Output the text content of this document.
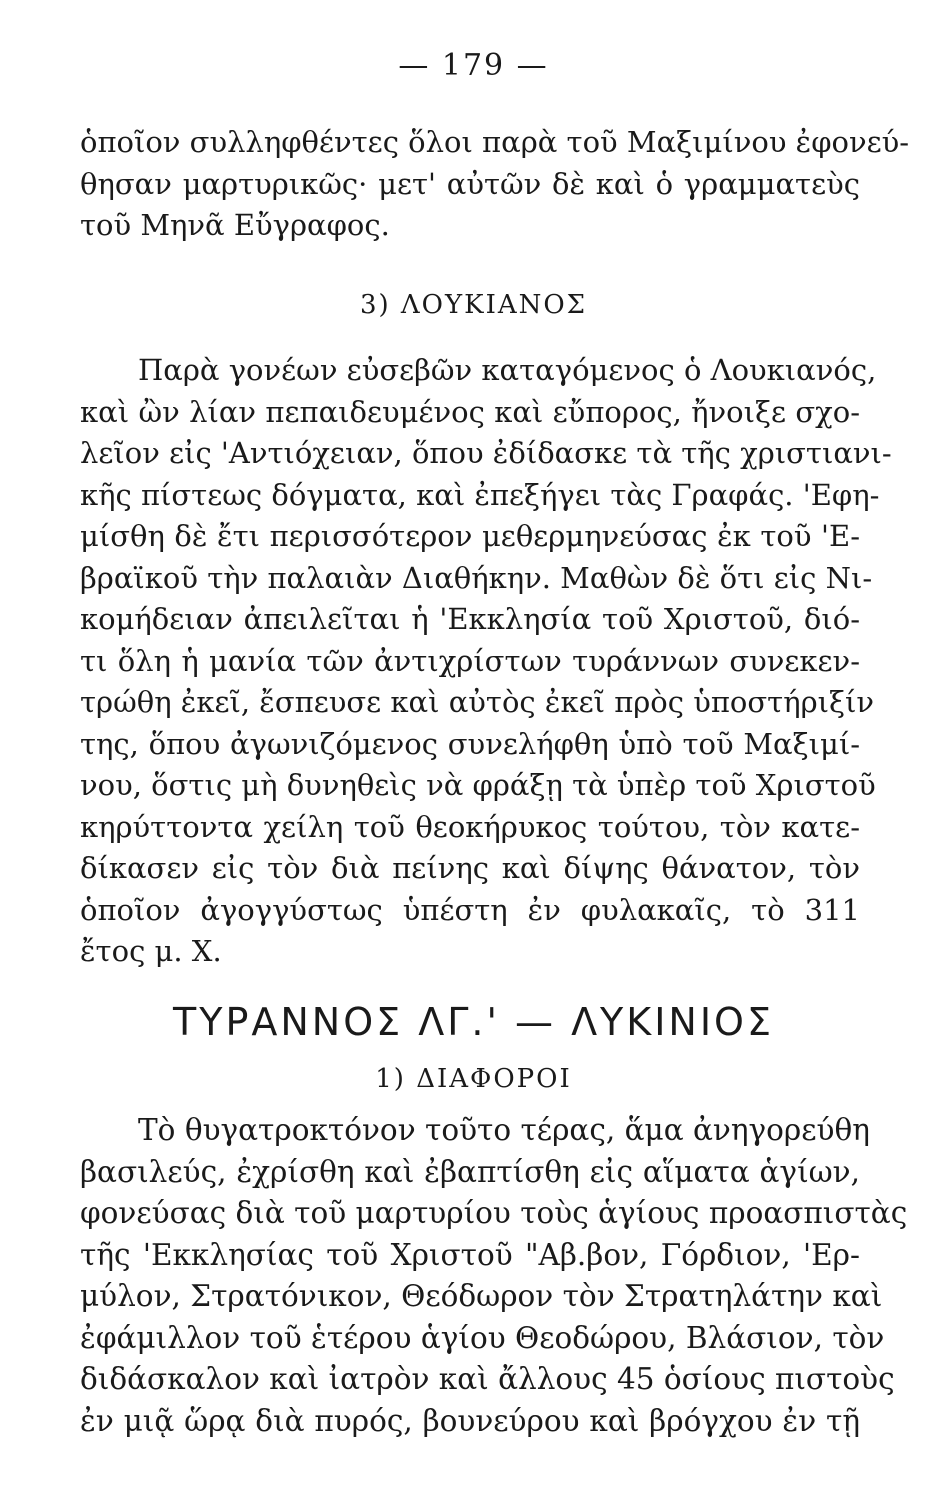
— 179 —
ὁποῖον συλληφθέντες ὅλοι παρὰ τοῦ Μαξιμίνου ἐφονεύ-
θησαν μαρτυρικῶς· μετ' αὐτῶν δὲ καὶ ὁ γραμματεὺς
τοῦ Μηνᾶ Εὔγραφος.
3) ΛΟΥΚΙΑΝΟΣ
Παρὰ γονέων εὐσεβῶν καταγόμενος ὁ Λουκιανός,
καὶ ὢν λίαν πεπαιδευμένος καὶ εὔπορος, ἤνοιξε σχο-
λεῖον εἰς 'Αντιόχειαν, ὅπου ἐδίδασκε τὰ τῆς χριστιανι-
κῆς πίστεως δόγματα, καὶ ἐπεξήγει τὰς Γραφάς. 'Εφη-
μίσθη δὲ ἔτι περισσότερον μεθερμηνεύσας ἐκ τοῦ 'Ε-
βραϊκοῦ τὴν παλαιὰν Διαθήκην. Μαθὼν δὲ ὅτι εἰς Νι-
κομήδειαν ἀπειλεῖται ἡ 'Εκκλησία τοῦ Χριστοῦ, διό-
τι ὅλη ἡ μανία τῶν ἀντιχρίστων τυράννων συνεκεν-
τρώθη ἐκεῖ, ἔσπευσε καὶ αὐτὸς ἐκεῖ πρὸς ὑποστήριξίν
της, ὅπου ἀγωνιζόμενος συνελήφθη ὑπὸ τοῦ Μαξιμί-
νου, ὅστις μὴ δυνηθεὶς νὰ φράξῃ τὰ ὑπὲρ τοῦ Χριστοῦ
κηρύττοντα χείλη τοῦ θεοκήρυκος τούτου, τὸν κατε-
δίκασεν εἰς τὸν διὰ πείνης καὶ δίψης θάνατον, τὸν
ὁποῖον ἀγογγύστως ὑπέστη ἐν φυλακαῖς, τὸ 311
ἔτος μ. Χ.
ΤΥΡΑΝΝΟΣ ΛΓ.' — ΛΥΚΙΝΙΟΣ
1) ΔΙΑΦΟΡΟΙ
Τὸ θυγατροκτόνον τοῦτο τέρας, ἅμα ἀνηγορεύθη
βασιλεύς, ἐχρίσθη καὶ ἐβαπτίσθη εἰς αἵματα ἁγίων,
φονεύσας διὰ τοῦ μαρτυρίου τοὺς ἁγίους προασπιστὰς
τῆς 'Εκκλησίας τοῦ Χριστοῦ "Αβ.βον, Γόρδιον, 'Ερ-
μύλον, Στρατόνικον, Θεόδωρον τὸν Στρατηλάτην καὶ
ἐφάμιλλον τοῦ ἑτέρου ἁγίου Θεοδώρου, Βλάσιον, τὸν
διδάσκαλον καὶ ἰατρὸν καὶ ἄλλους 45 ὁσίους πιστοὺς
ἐν μιᾷ ὥρᾳ διὰ πυρός, βουνεύρου καὶ βρόγχου ἐν τῇ
